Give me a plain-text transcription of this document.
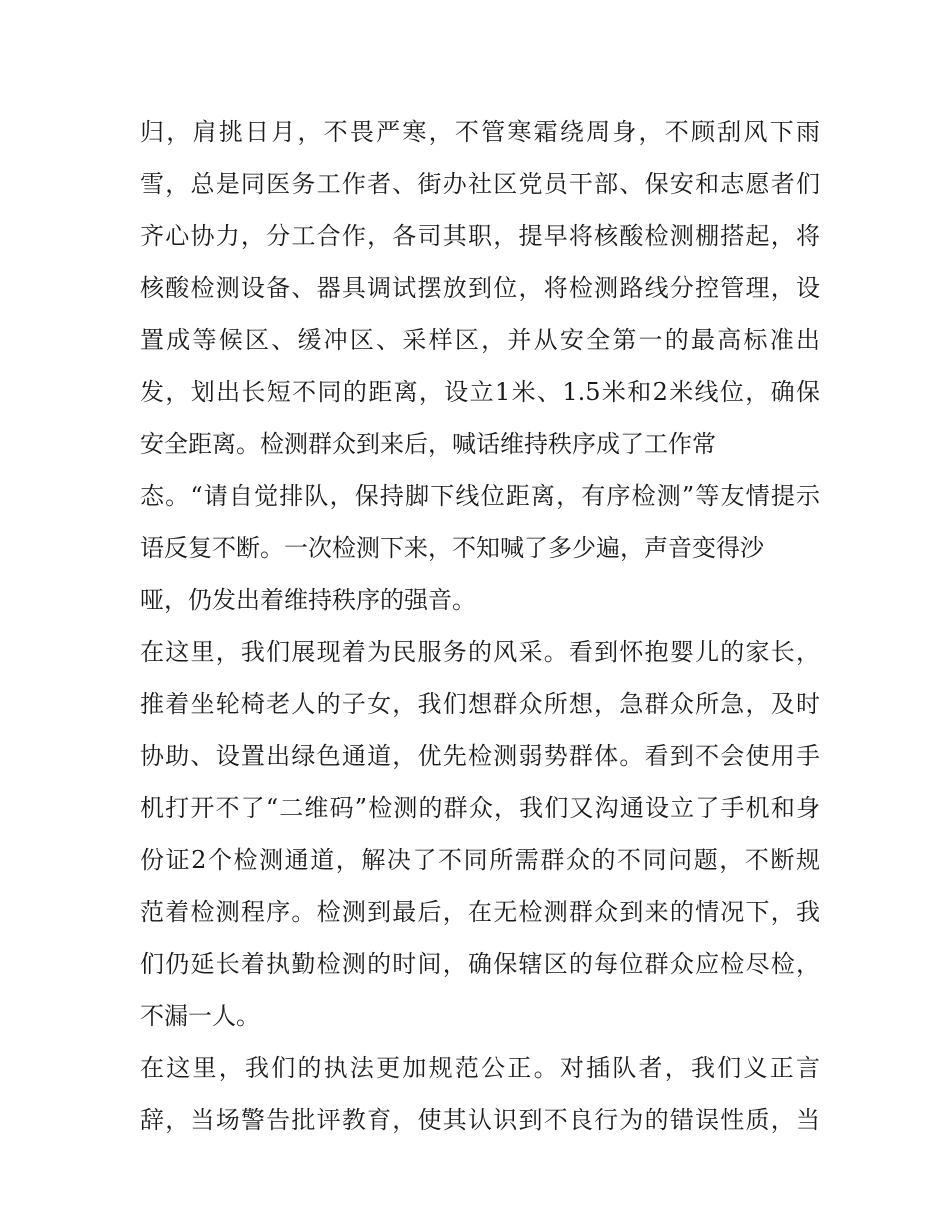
归，肩挑日月，不畏严寒，不管寒霜绕周身，不顾刮风下雨
雪，总是同医务工作者、街办社区党员干部、保安和志愿者们
齐心协力，分工合作，各司其职，提早将核酸检测棚搭起，将
核酸检测设备、器具调试摆放到位，将检测路线分控管理，设
置成等候区、缓冲区、采样区，并从安全第一的最高标准出
发，划出长短不同的距离，设立1米、1.5米和2米线位，确保
安全距离。检测群众到来后，喊话维持秩序成了工作常
态。“请自觉排队，保持脚下线位距离，有序检测”等友情提示
语反复不断。一次检测下来，不知喊了多少遍，声音变得沙
哑，仍发出着维持秩序的强音。
在这里，我们展现着为民服务的风采。看到怀抱婴儿的家长，
推着坐轮椅老人的子女，我们想群众所想，急群众所急，及时
协助、设置出绿色通道，优先检测弱势群体。看到不会使用手
机打开不了“二维码”检测的群众，我们又沟通设立了手机和身
份证2个检测通道，解决了不同所需群众的不同问题，不断规
范着检测程序。检测到最后，在无检测群众到来的情况下，我
们仍延长着执勤检测的时间，确保辖区的每位群众应检尽检，
不漏一人。
在这里，我们的执法更加规范公正。对插队者，我们义正言
辞，当场警告批评教育，使其认识到不良行为的错误性质，当
